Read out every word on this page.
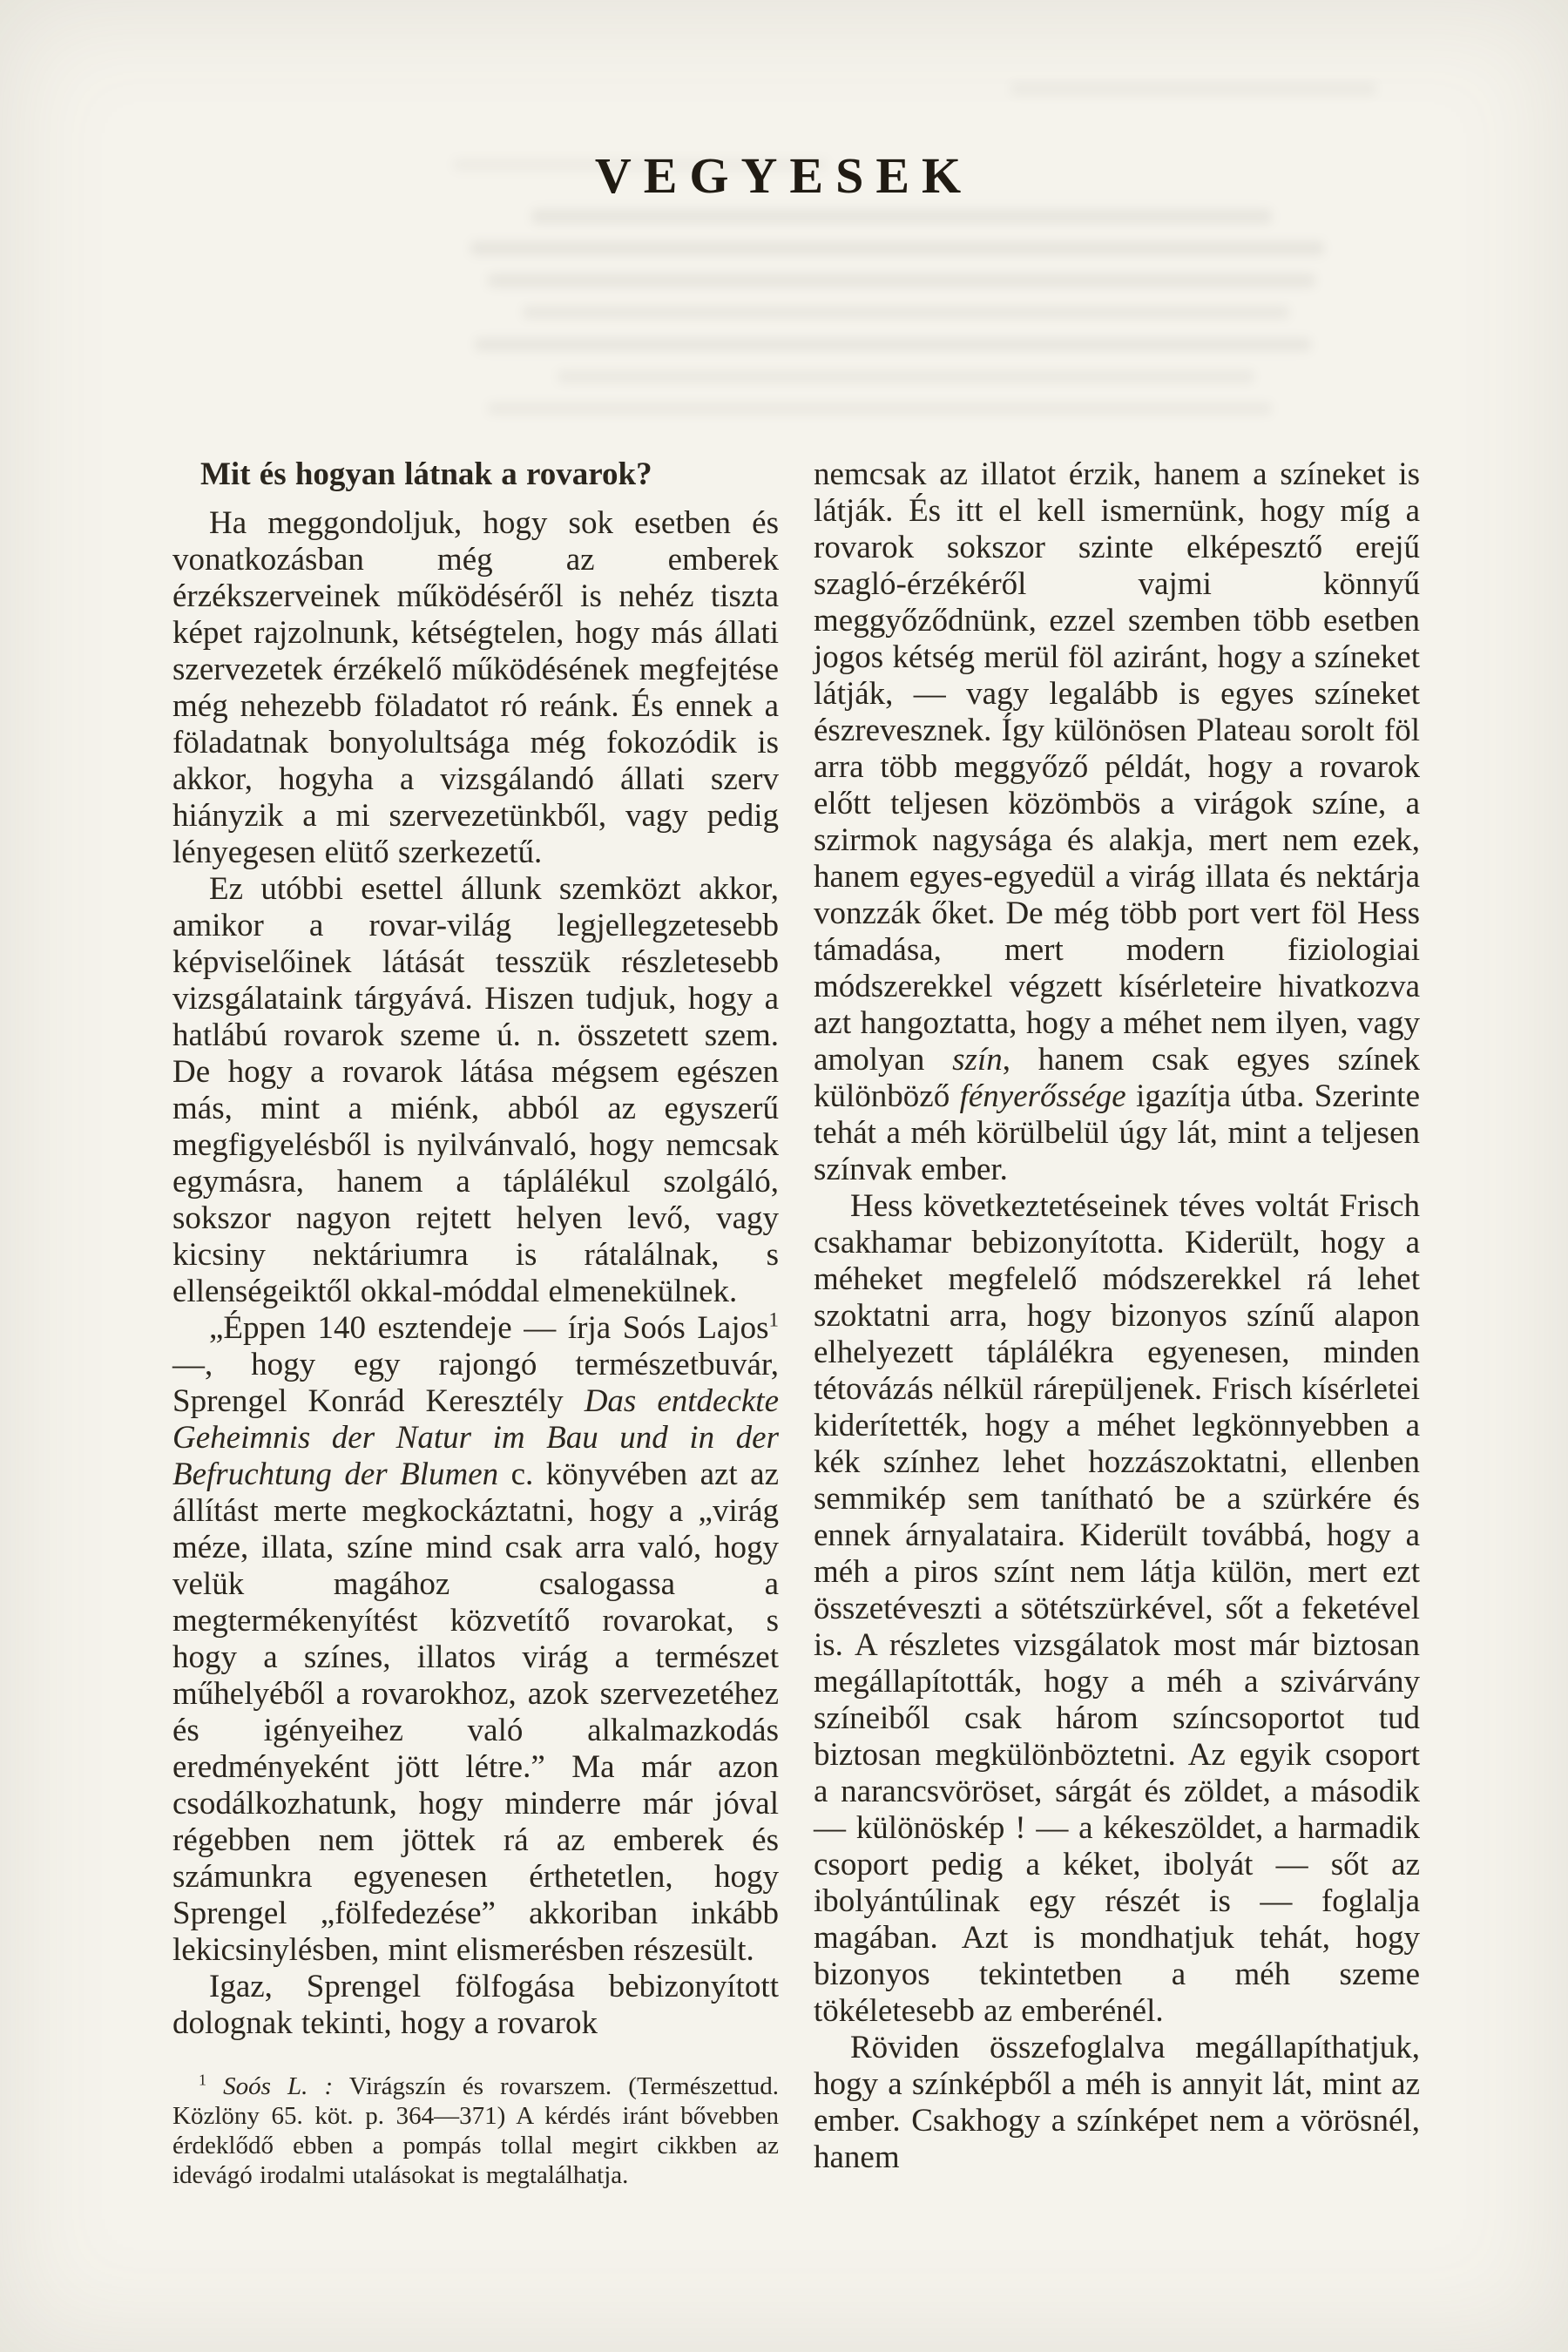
VEGYESEK
Mit és hogyan látnak a rovarok?

Ha meggondoljuk, hogy sok esetben és vonatkozásban még az emberek érzékszerveinek működéséről is nehéz tiszta képet rajzolnunk, kétségtelen, hogy más állati szervezetek érzékelő működésének megfejtése még nehezebb föladatot ró reánk. És ennek a föladatnak bonyolultsága még fokozódik is akkor, hogyha a vizsgálandó állati szerv hiányzik a mi szervezetünkből, vagy pedig lényegesen elütő szerkezetű.

Ez utóbbi esettel állunk szemközt akkor, amikor a rovar-világ legjellegzetesebb képviselőinek látását tesszük részletesebb vizsgálataink tárgyává. Hiszen tudjuk, hogy a hatlábú rovarok szeme ú. n. összetett szem. De hogy a rovarok látása mégsem egészen más, mint a miénk, abból az egyszerű megfigyelésből is nyilvánvaló, hogy nemcsak egymásra, hanem a táplálékul szolgáló, sokszor nagyon rejtett helyen levő, vagy kicsiny nektáriumra is rátalálnak, s ellenségeiktől okkal-móddal elmenekülnek.

„Éppen 140 esztendeje — írja Soós Lajos$^1$ —, hogy egy rajongó természetbuvár, Sprengel Konrád Keresztély Das entdeckte Geheimnis der Natur im Bau und in der Befruchtung der Blumen c. könyvében azt az állítást merte megkockáztatni, hogy a „virág méze, illata, színe mind csak arra való, hogy velük magához csalogassa a megtermékenyítést közvetítő rovarokat, s hogy a színes, illatos virág a természet műhelyéből a rovarokhoz, azok szervezetéhez és igényeihez való alkalmazkodás eredményeként jött létre.” Ma már azon csodálkozhatunk, hogy minderre már jóval régebben nem jöttek rá az emberek és számunkra egyenesen érthetetlen, hogy Sprengel „fölfedezése” akkoriban inkább lekicsinylésben, mint elismerésben részesült.

Igaz, Sprengel fölfogása bebizonyított dolognak tekinti, hogy a rovarok

$^1$ Soós L. : Virágszín és rovarszem. (Természettud. Közlöny 65. köt. p. 364—371) A kérdés iránt bővebben érdeklődő ebben a pompás tollal megirt cikkben az idevágó irodalmi utalásokat is megtalálhatja.

nemcsak az illatot érzik, hanem a színeket is látják. És itt el kell ismernünk, hogy míg a rovarok sokszor szinte elképesztő erejű szagló-érzékéről vajmi könnyű meggyőződnünk, ezzel szemben több esetben jogos kétség merül föl aziránt, hogy a színeket látják, — vagy legalább is egyes színeket észrevesznek. Így különösen Plateau sorolt föl arra több meggyőző példát, hogy a rovarok előtt teljesen közömbös a virágok színe, a szirmok nagysága és alakja, mert nem ezek, hanem egyes-egyedül a virág illata és nektárja vonzzák őket. De még több port vert föl Hess támadása, mert modern fiziologiai módszerekkel végzett kísérleteire hivatkozva azt hangoztatta, hogy a méhet nem ilyen, vagy amolyan szín, hanem csak egyes színek különböző fényerőssége igazítja útba. Szerinte tehát a méh körülbelül úgy lát, mint a teljesen színvak ember.

Hess következtetéseinek téves voltát Frisch csakhamar bebizonyította. Kiderült, hogy a méheket megfelelő módszerekkel rá lehet szoktatni arra, hogy bizonyos színű alapon elhelyezett táplálékra egyenesen, minden tétovázás nélkül rárepüljenek. Frisch kísérletei kiderítették, hogy a méhet legkönnyebben a kék színhez lehet hozzászoktatni, ellenben semmikép sem tanítható be a szürkére és ennek árnyalataira. Kiderült továbbá, hogy a méh a piros színt nem látja külön, mert ezt összetéveszti a sötétszürkével, sőt a feketével is. A részletes vizsgálatok most már biztosan megállapították, hogy a méh a szivárvány színeiből csak három színcsoportot tud biztosan megkülönböztetni. Az egyik csoport a narancsvöröset, sárgát és zöldet, a második — különöskép ! — a kékeszöldet, a harmadik csoport pedig a kéket, ibolyát — sőt az ibolyántúlinak egy részét is — foglalja magában. Azt is mondhatjuk tehát, hogy bizonyos tekintetben a méh szeme tökéletesebb az emberénél.

Röviden összefoglalva megállapíthatjuk, hogy a színképből a méh is annyit lát, mint az ember. Csakhogy a színképet nem a vörösnél, hanem
